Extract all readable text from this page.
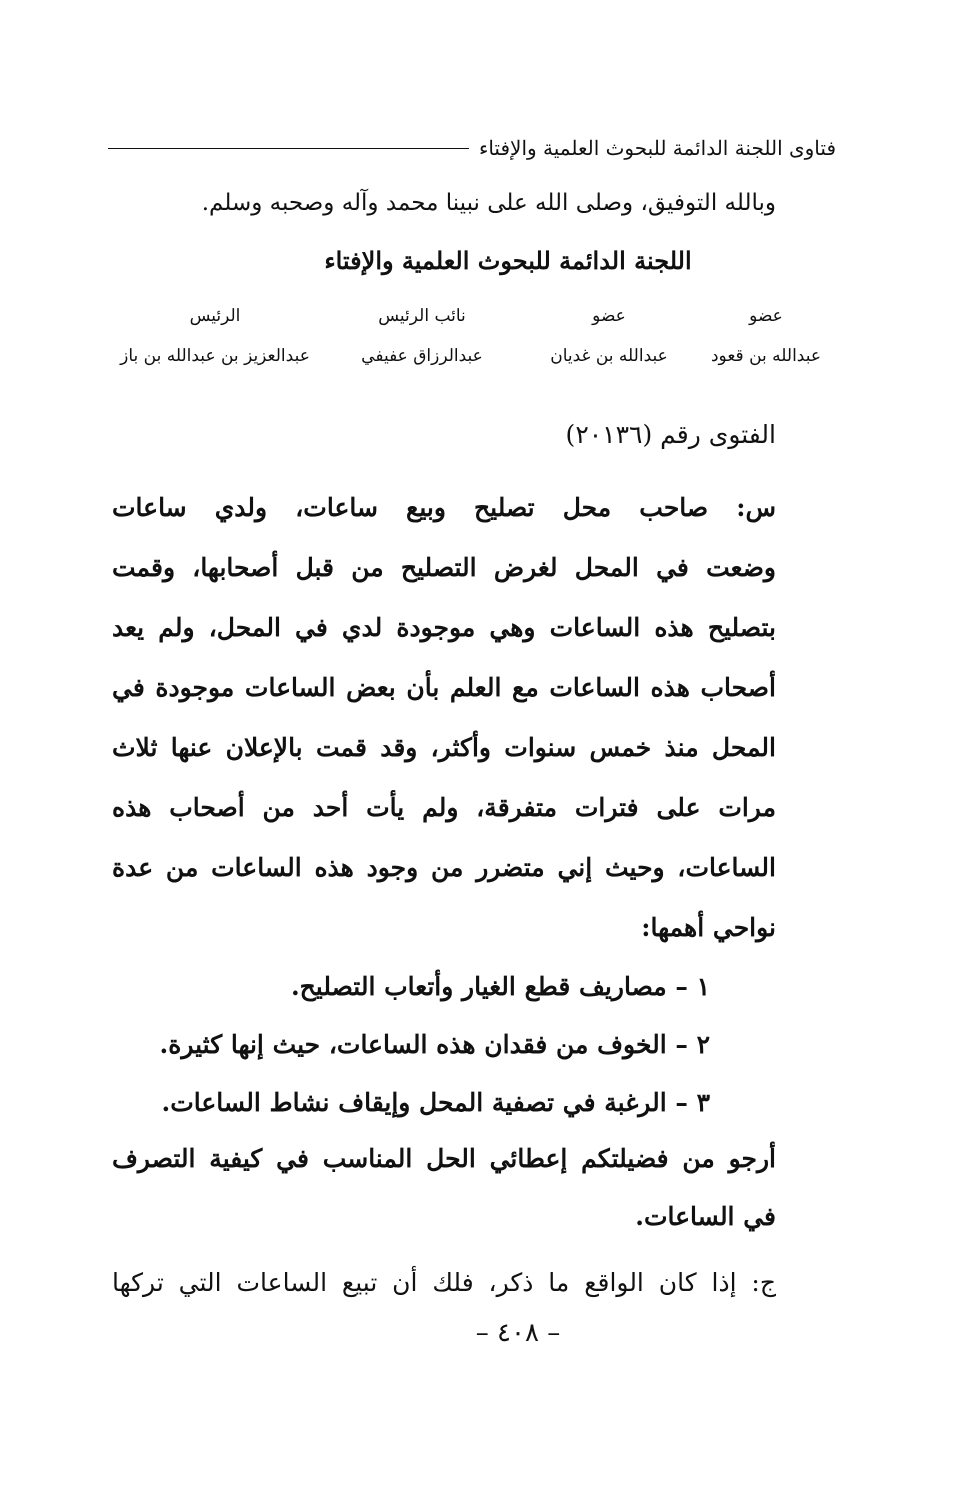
فتاوى اللجنة الدائمة للبحوث العلمية والإفتاء
وبالله التوفيق، وصلى الله على نبينا محمد وآله وصحبه وسلم.
اللجنة الدائمة للبحوث العلمية والإفتاء
عضو
عضو
نائب الرئيس
الرئيس
عبدالله بن قعود
عبدالله بن غديان
عبدالرزاق عفيفي
عبدالعزيز بن عبدالله بن باز
الفتوى رقم (٢٠١٣٦)
س: صاحب محل تصليح وبيع ساعات، ولدي ساعات
وضعت في المحل لغرض التصليح من قبل أصحابها، وقمت
بتصليح هذه الساعات وهي موجودة لدي في المحل، ولم يعد
أصحاب هذه الساعات مع العلم بأن بعض الساعات موجودة في
المحل منذ خمس سنوات وأكثر، وقد قمت بالإعلان عنها ثلاث
مرات على فترات متفرقة، ولم يأت أحد من أصحاب هذه
الساعات، وحيث إني متضرر من وجود هذه الساعات من عدة
نواحي أهمها:
١ – مصاريف قطع الغيار وأتعاب التصليح.
٢ – الخوف من فقدان هذه الساعات، حيث إنها كثيرة.
٣ – الرغبة في تصفية المحل وإيقاف نشاط الساعات.
أرجو من فضيلتكم إعطائي الحل المناسب في كيفية التصرف
في الساعات.
ج: إذا كان الواقع ما ذكر، فلك أن تبيع الساعات التي تركها
– ٤٠٨ –
